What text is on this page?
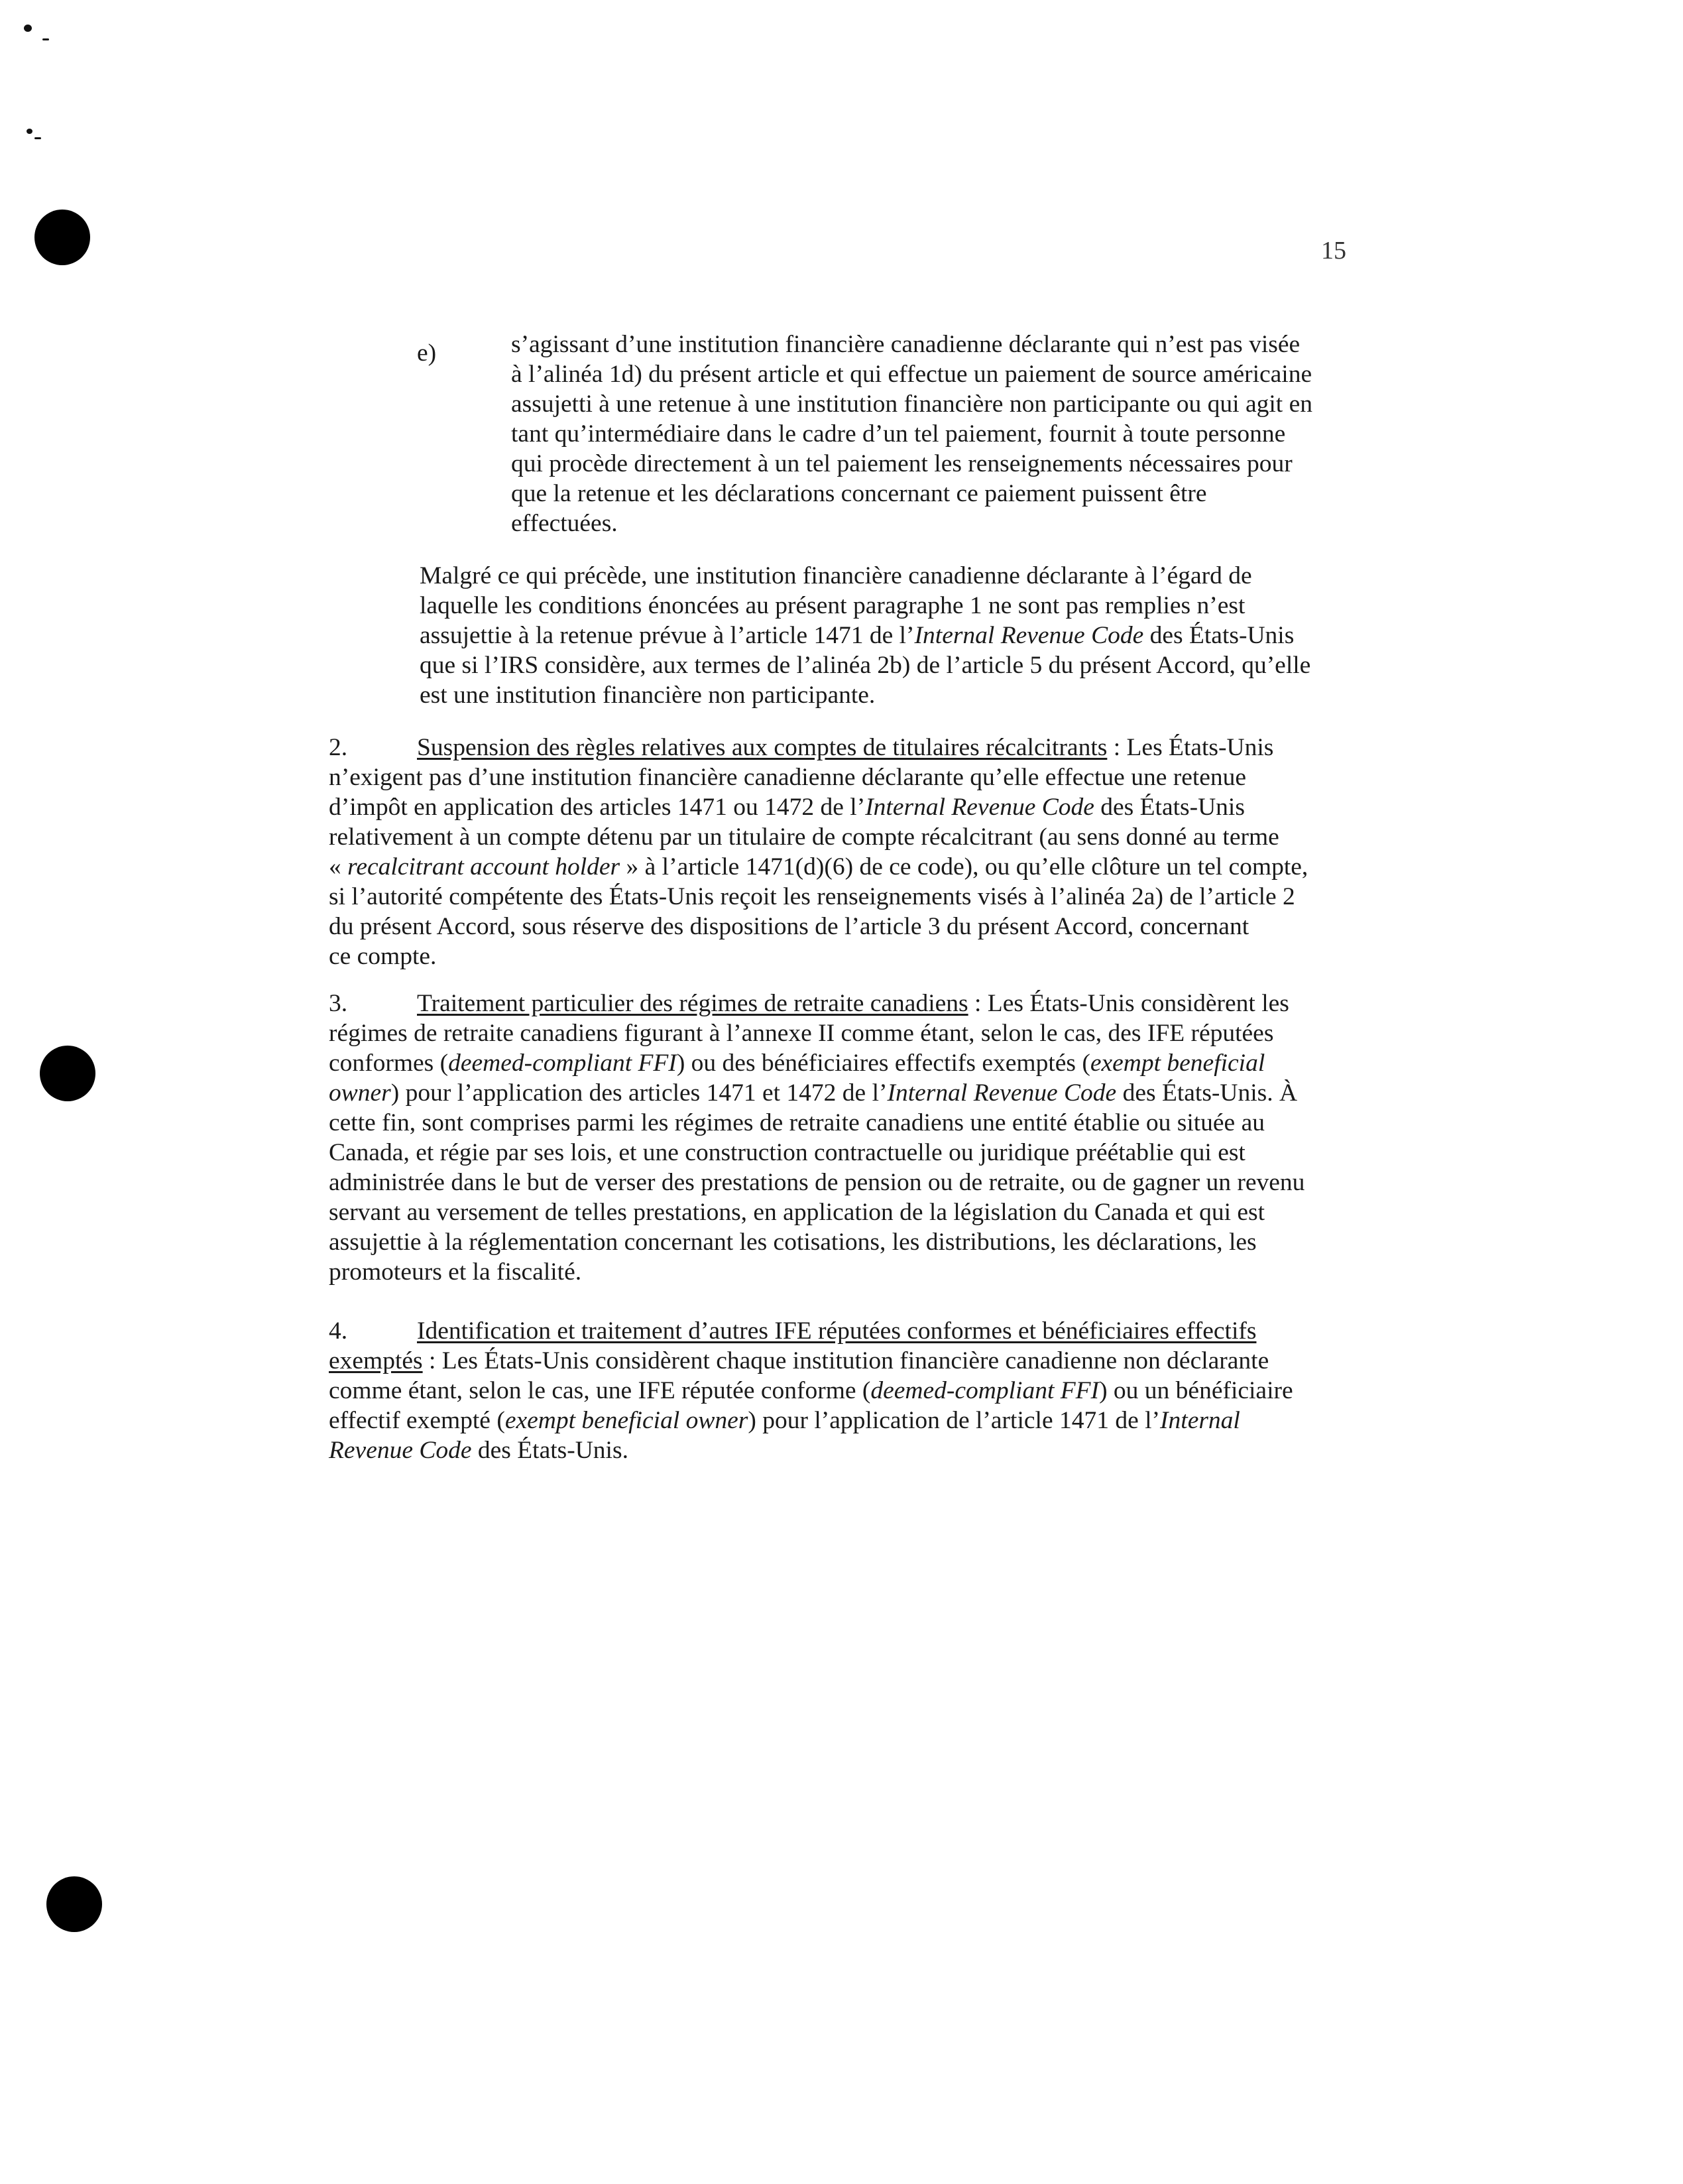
15
e)	s’agissant d’une institution financière canadienne déclarante qui n’est pas visée
à l’alinéa 1d) du présent article et qui effectue un paiement de source américaine
assujetti à une retenue à une institution financière non participante ou qui agit en
tant qu’intermédiaire dans le cadre d’un tel paiement, fournit à toute personne
qui procède directement à un tel paiement les renseignements nécessaires pour
que la retenue et les déclarations concernant ce paiement puissent être
effectuées.
Malgré ce qui précède, une institution financière canadienne déclarante à l’égard de
laquelle les conditions énoncées au présent paragraphe 1 ne sont pas remplies n’est
assujettie à la retenue prévue à l’article 1471 de l’Internal Revenue Code des États-Unis
que si l’IRS considère, aux termes de l’alinéa 2b) de l’article 5 du présent Accord, qu’elle
est une institution financière non participante.
2.	Suspension des règles relatives aux comptes de titulaires récalcitrants : Les États-Unis
n’exigent pas d’une institution financière canadienne déclarante qu’elle effectue une retenue
d’impôt en application des articles 1471 ou 1472 de l’Internal Revenue Code des États-Unis
relativement à un compte détenu par un titulaire de compte récalcitrant (au sens donné au terme
« recalcitrant account holder » à l’article 1471(d)(6) de ce code), ou qu’elle clôture un tel compte,
si l’autorité compétente des États-Unis reçoit les renseignements visés à l’alinéa 2a) de l’article 2
du présent Accord, sous réserve des dispositions de l’article 3 du présent Accord, concernant
ce compte.
3.	Traitement particulier des régimes de retraite canadiens : Les États-Unis considèrent les
régimes de retraite canadiens figurant à l’annexe II comme étant, selon le cas, des IFE réputées
conformes (deemed-compliant FFI) ou des bénéficiaires effectifs exemptés (exempt beneficial
owner) pour l’application des articles 1471 et 1472 de l’Internal Revenue Code des États-Unis. À
cette fin, sont comprises parmi les régimes de retraite canadiens une entité établie ou située au
Canada, et régie par ses lois, et une construction contractuelle ou juridique préétablie qui est
administrée dans le but de verser des prestations de pension ou de retraite, ou de gagner un revenu
servant au versement de telles prestations, en application de la législation du Canada et qui est
assujettie à la réglementation concernant les cotisations, les distributions, les déclarations, les
promoteurs et la fiscalité.
4.	Identification et traitement d’autres IFE réputées conformes et bénéficiaires effectifs
exemptés : Les États-Unis considèrent chaque institution financière canadienne non déclarante
comme étant, selon le cas, une IFE réputée conforme (deemed-compliant FFI) ou un bénéficiaire
effectif exempté (exempt beneficial owner) pour l’application de l’article 1471 de l’Internal
Revenue Code des États-Unis.
